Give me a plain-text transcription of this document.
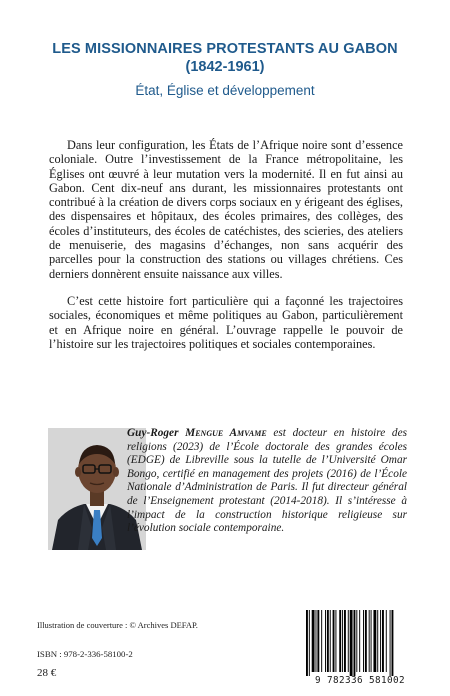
LES MISSIONNAIRES PROTESTANTS AU GABON
(1842-1961)
État, Église et développement

Dans leur configuration, les États de l’Afrique noire sont d’essence coloniale. Outre l’investissement de la France métropolitaine, les Églises ont œuvré à leur mutation vers la modernité. Il en fut ainsi au Gabon. Cent dix-neuf ans durant, les missionnaires protestants ont contribué à la création de divers corps sociaux en y érigeant des églises, des dispensaires et hôpitaux, des écoles primaires, des collèges, des écoles d’instituteurs, des écoles de catéchistes, des scieries, des ateliers de menuiserie, des magasins d’échanges, non sans acquérir des parcelles pour la construction des stations ou villages chrétiens. Ces derniers donnèrent ensuite naissance aux villes.

C’est cette histoire fort particulière qui a façonné les trajectoires sociales, économiques et même politiques au Gabon, particulièrement et en Afrique noire en général. L’ouvrage rappelle le pouvoir de l’histoire sur les trajectoires politiques et sociales contemporaines.

Guy-Roger Mengue Amvame est docteur en histoire des religions (2023) de l’École doctorale des grandes écoles (EDGE) de Libreville sous la tutelle de l’Université Omar Bongo, certifié en management des projets (2016) de l’École Nationale d’Administration de Paris. Il fut directeur général de l’Enseignement protestant (2014-2018). Il s’intéresse à l’impact de la construction historique religieuse sur l’évolution sociale contemporaine.
Illustration de couverture : © Archives DEFAP.
ISBN : 978-2-336-58100-2
28 €
9 782336 581002
